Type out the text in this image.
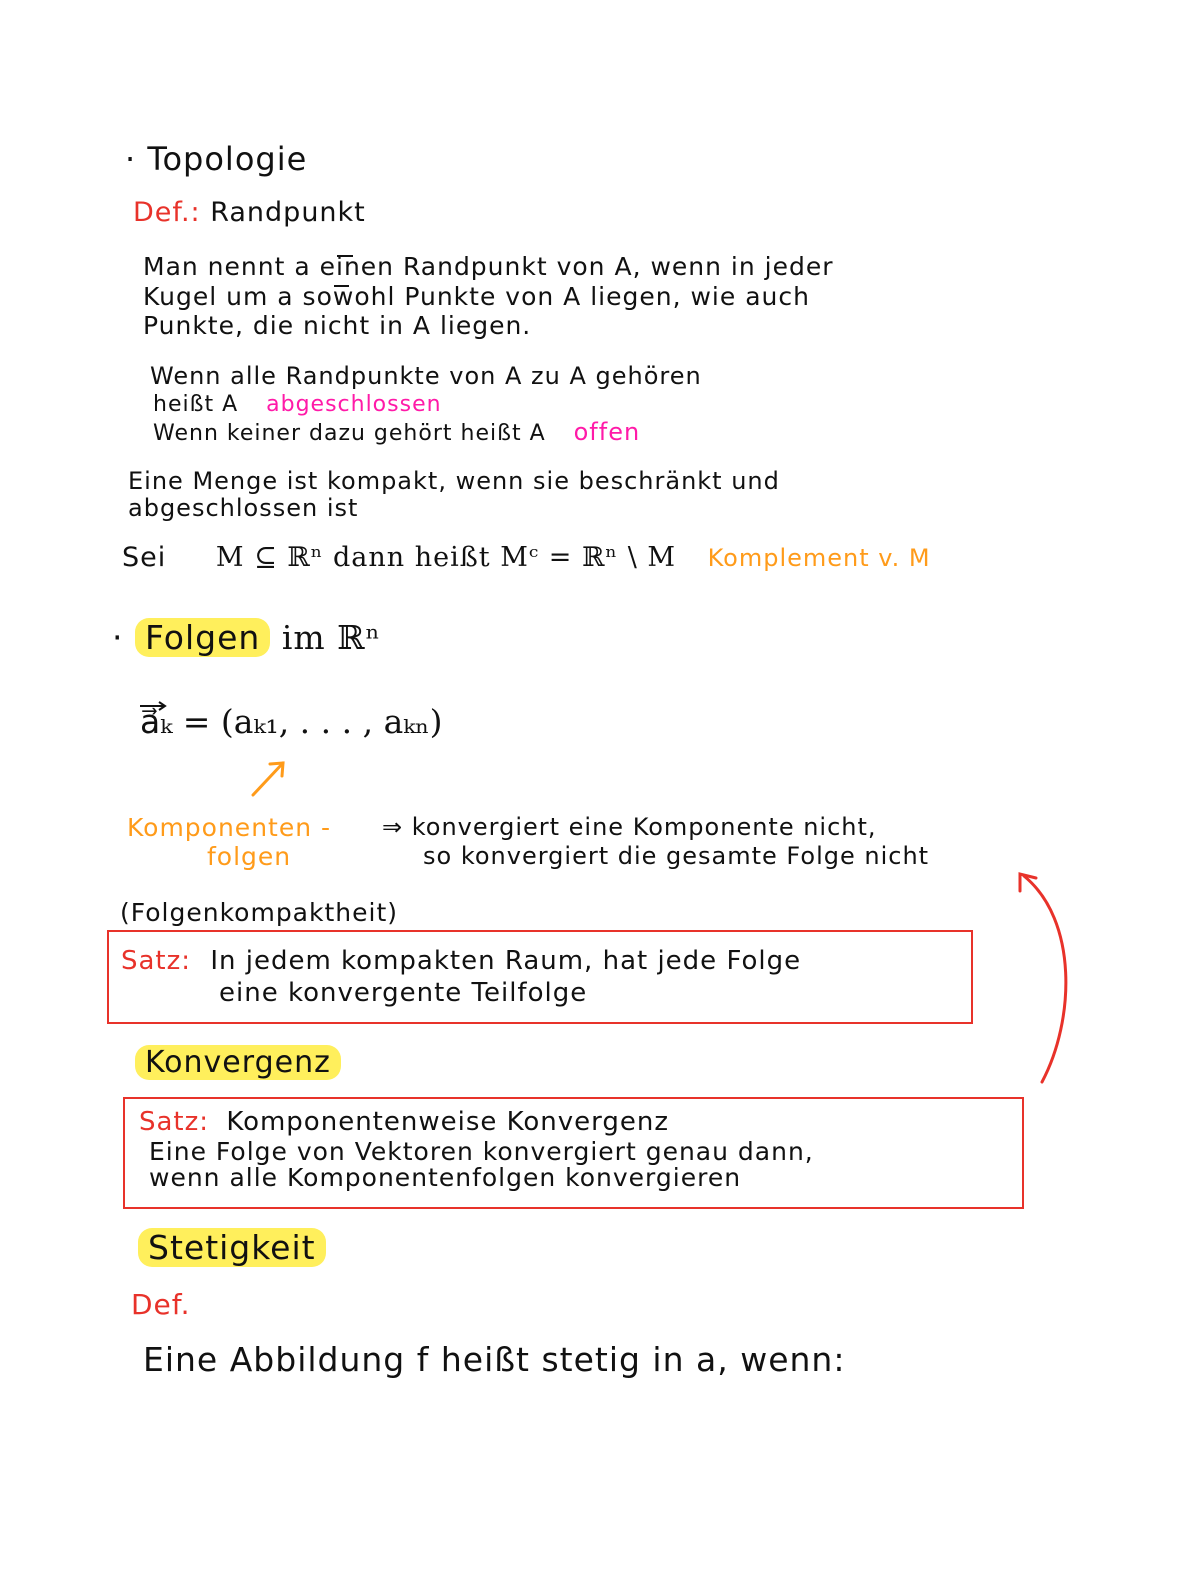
· Topologie
Def.: Randpunkt
Man nennt a einen Randpunkt von A, wenn in jeder
Kugel um a sowohl Punkte von A liegen, wie auch
Punkte, die nicht in A liegen.
Wenn alle Randpunkte von A zu A gehören
heißt A abgeschlossen
Wenn keiner dazu gehört heißt A offen
Eine Menge ist kompakt, wenn sie beschränkt und
abgeschlossen ist
Sei M ⊆ ℝⁿ dann heißt Mᶜ = ℝⁿ \ M Komplement v. M
· Folgen im ℝⁿ
a⃗ₖ = (aₖ₁, . . . , aₖₙ)
Komponenten -
folgen
⇒ konvergiert eine Komponente nicht,
so konvergiert die gesamte Folge nicht
(Folgenkompaktheit)
Satz: In jedem kompakten Raum, hat jede Folge
eine konvergente Teilfolge
Konvergenz
Satz: Komponentenweise Konvergenz
Eine Folge von Vektoren konvergiert genau dann,
wenn alle Komponentenfolgen konvergieren
Stetigkeit
Def.
Eine Abbildung f heißt stetig in a, wenn:
